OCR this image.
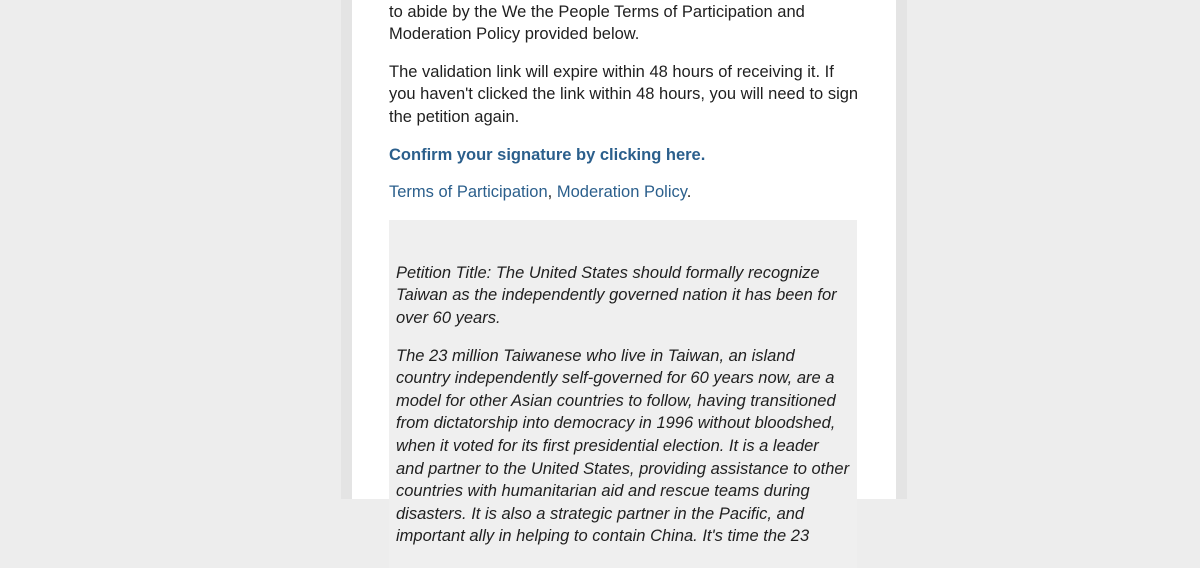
to abide by the We the People Terms of Participation and Moderation Policy provided below.

The validation link will expire within 48 hours of receiving it. If you haven't clicked the link within 48 hours, you will need to sign the petition again.

Confirm your signature by clicking here.
Terms of Participation, Moderation Policy.
Petition Title: The United States should formally recognize Taiwan as the independently governed nation it has been for over 60 years.
The 23 million Taiwanese who live in Taiwan, an island country independently self-governed for 60 years now, are a model for other Asian countries to follow, having transitioned from dictatorship into democracy in 1996 without bloodshed, when it voted for its first presidential election. It is a leader and partner to the United States, providing assistance to other countries with humanitarian aid and rescue teams during disasters. It is also a strategic partner in the Pacific, and important ally in helping to contain China. It's time the 23
